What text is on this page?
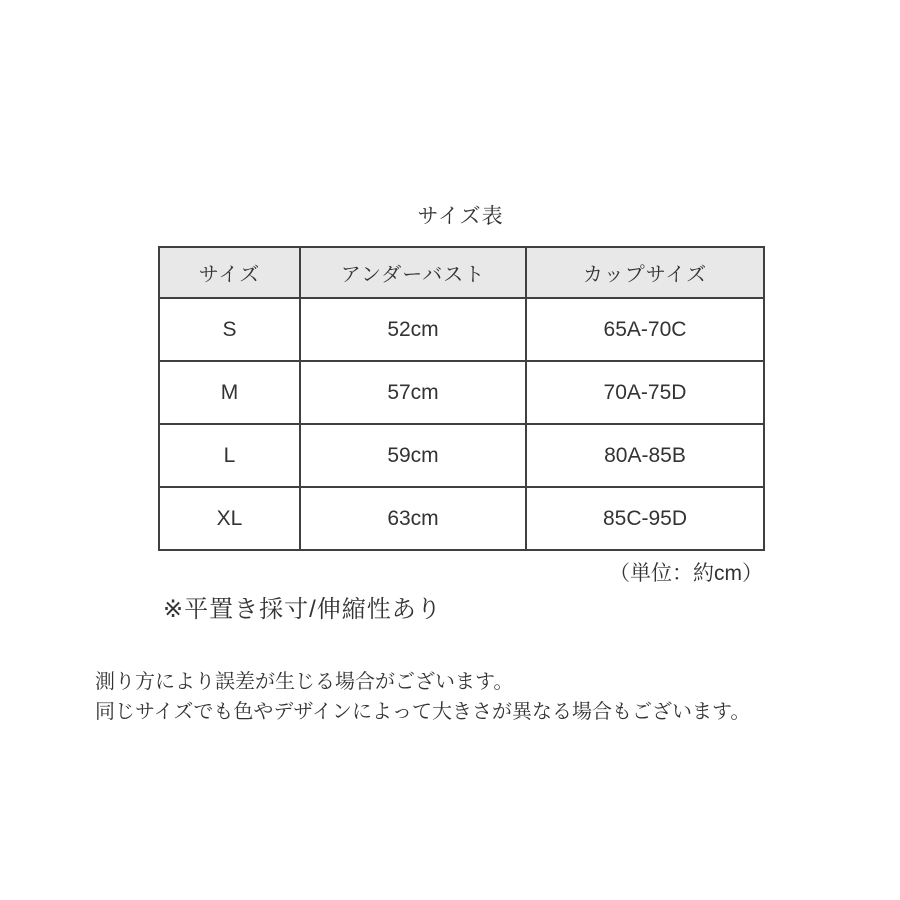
サイズ表
サイズ	アンダーバスト	カップサイズ
S	52cm	65A-70C
M	57cm	70A-75D
L	59cm	80A-85B
XL	63cm	85C-95D
（単位：約cm）
※平置き採寸/伸縮性あり
測り方により誤差が生じる場合がございます。
同じサイズでも色やデザインによって大きさが異なる場合もございます。
